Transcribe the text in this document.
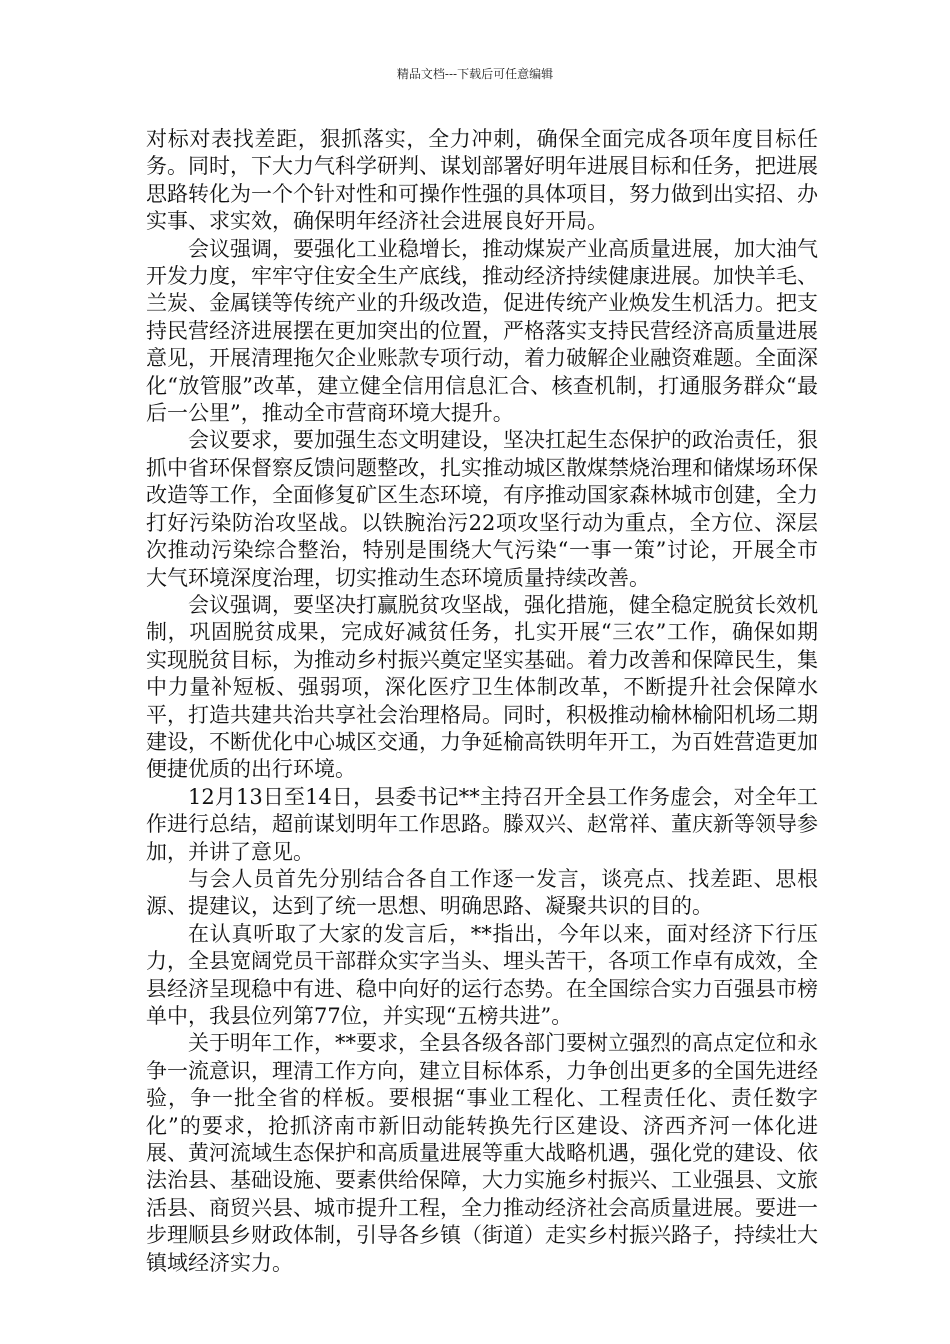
精品文档---下载后可任意编辑

对标对表找差距，狠抓落实，全力冲刺，确保全面完成各项年度目标任务。同时，下大力气科学研判、谋划部署好明年进展目标和任务，把进展思路转化为一个个针对性和可操作性强的具体项目，努力做到出实招、办实事、求实效，确保明年经济社会进展良好开局。

会议强调，要强化工业稳增长，推动煤炭产业高质量进展，加大油气开发力度，牢牢守住安全生产底线，推动经济持续健康进展。加快羊毛、兰炭、金属镁等传统产业的升级改造，促进传统产业焕发生机活力。把支持民营经济进展摆在更加突出的位置，严格落实支持民营经济高质量进展意见，开展清理拖欠企业账款专项行动，着力破解企业融资难题。全面深化“放管服”改革，建立健全信用信息汇合、核查机制，打通服务群众“最后一公里”，推动全市营商环境大提升。

会议要求，要加强生态文明建设，坚决扛起生态保护的政治责任，狠抓中省环保督察反馈问题整改，扎实推动城区散煤禁烧治理和储煤场环保改造等工作，全面修复矿区生态环境，有序推动国家森林城市创建，全力打好污染防治攻坚战。以铁腕治污22项攻坚行动为重点，全方位、深层次推动污染综合整治，特别是围绕大气污染“一事一策”讨论，开展全市大气环境深度治理，切实推动生态环境质量持续改善。

会议强调，要坚决打赢脱贫攻坚战，强化措施，健全稳定脱贫长效机制，巩固脱贫成果，完成好减贫任务，扎实开展“三农”工作，确保如期实现脱贫目标，为推动乡村振兴奠定坚实基础。着力改善和保障民生，集中力量补短板、强弱项，深化医疗卫生体制改革，不断提升社会保障水平，打造共建共治共享社会治理格局。同时，积极推动榆林榆阳机场二期建设，不断优化中心城区交通，力争延榆高铁明年开工，为百姓营造更加便捷优质的出行环境。

12月13日至14日，县委书记**主持召开全县工作务虚会，对全年工作进行总结，超前谋划明年工作思路。滕双兴、赵常祥、董庆新等领导参加，并讲了意见。

与会人员首先分别结合各自工作逐一发言，谈亮点、找差距、思根源、提建议，达到了统一思想、明确思路、凝聚共识的目的。

在认真听取了大家的发言后，**指出，今年以来，面对经济下行压力，全县宽阔党员干部群众实字当头、埋头苦干，各项工作卓有成效，全县经济呈现稳中有进、稳中向好的运行态势。在全国综合实力百强县市榜单中，我县位列第77位，并实现“五榜共进”。

关于明年工作，**要求，全县各级各部门要树立强烈的高点定位和永争一流意识，理清工作方向，建立目标体系，力争创出更多的全国先进经验，争一批全省的样板。要根据“事业工程化、工程责任化、责任数字化”的要求，抢抓济南市新旧动能转换先行区建设、济西齐河一体化进展、黄河流域生态保护和高质量进展等重大战略机遇，强化党的建设、依法治县、基础设施、要素供给保障，大力实施乡村振兴、工业强县、文旅活县、商贸兴县、城市提升工程，全力推动经济社会高质量进展。要进一步理顺县乡财政体制，引导各乡镇（街道）走实乡村振兴路子，持续壮大镇域经济实力。
